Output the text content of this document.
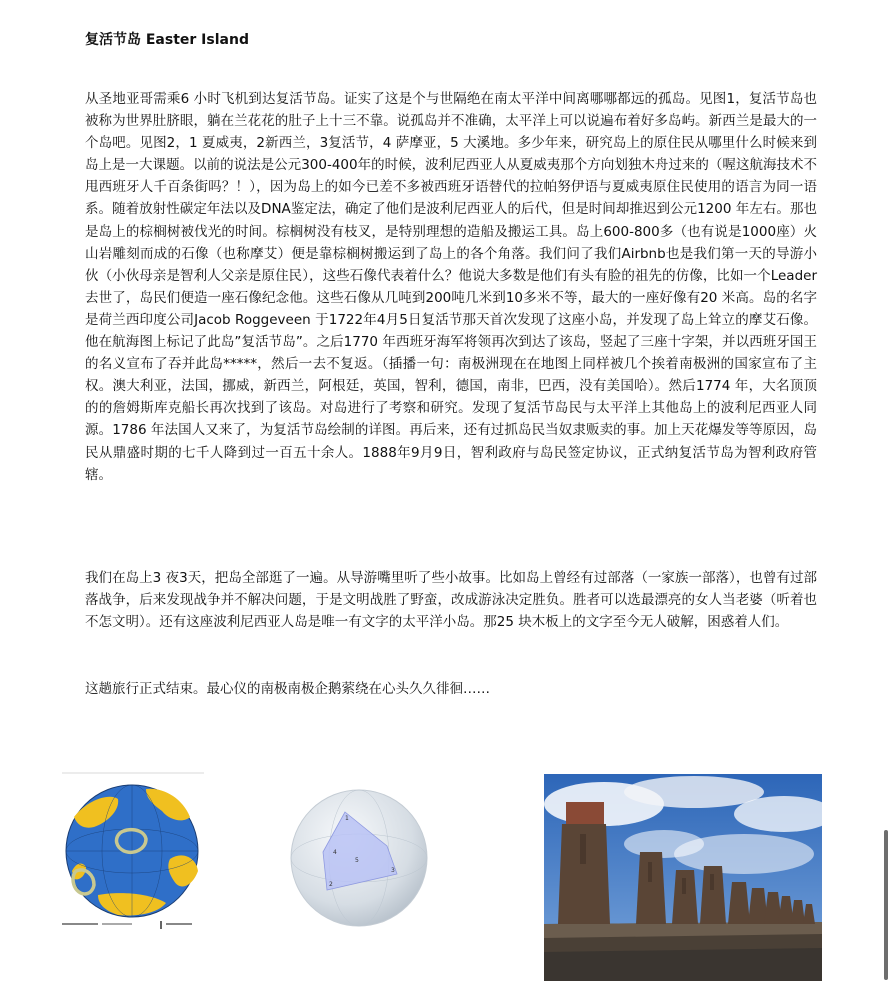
复活节岛 Easter Island

从圣地亚哥需乘6 小时飞机到达复活节岛。证实了这是个与世隔绝在南太平洋中间离哪哪都远的孤岛。见图1，复活节岛也被称为世界肚脐眼，躺在兰花花的肚子上十三不靠。说孤岛并不准确，太平洋上可以说遍布着好多岛屿。新西兰是最大的一个岛吧。见图2，1 夏威夷，2新西兰，3复活节，4 萨摩亚，5 大溪地。多少年来，研究岛上的原住民从哪里什么时候来到岛上是一大课题。以前的说法是公元300-400年的时候，波利尼西亚人从夏威夷那个方向划独木舟过来的（喔这航海技术不甩西班牙人千百条街吗？！），因为岛上的如今已差不多被西班牙语替代的拉帕努伊语与夏威夷原住民使用的语言为同一语系。随着放射性碳定年法以及DNA鉴定法，确定了他们是波利尼西亚人的后代，但是时间却推迟到公元1200 年左右。那也是岛上的棕榈树被伐光的时间。棕榈树没有枝叉，是特别理想的造船及搬运工具。岛上600-800多（也有说是1000座）火山岩雕刻而成的石像（也称摩艾）便是靠棕榈树搬运到了岛上的各个角落。我们问了我们Airbnb也是我们第一天的导游小伙（小伙母亲是智利人父亲是原住民），这些石像代表着什么？他说大多数是他们有头有脸的祖先的仿像，比如一个Leader 去世了，岛民们便造一座石像纪念他。这些石像从几吨到200吨几米到10多米不等，最大的一座好像有20 米高。岛的名字是荷兰西印度公司Jacob Roggeveen 于1722年4月5日复活节那天首次发现了这座小岛，并发现了岛上耸立的摩艾石像。他在航海图上标记了此岛”复活节岛”。之后1770 年西班牙海军将领再次到达了该岛，竖起了三座十字架，并以西班牙国王的名义宣布了吞并此岛*****，然后一去不复返。（插播一句：南极洲现在在地图上同样被几个挨着南极洲的国家宣布了主权。澳大利亚，法国，挪威，新西兰，阿根廷，英国，智利，德国，南非，巴西，没有美国哈）。然后1774 年，大名顶顶的的詹姆斯库克船长再次找到了该岛。对岛进行了考察和研究。发现了复活节岛民与太平洋上其他岛上的波利尼西亚人同源。1786 年法国人又来了，为复活节岛绘制的详图。再后来，还有过抓岛民当奴隶贩卖的事。加上天花爆发等等原因，岛民从鼎盛时期的七千人降到过一百五十余人。1888年9月9日，智利政府与岛民签定协议，正式纳复活节岛为智利政府管辖。

我们在岛上3 夜3天，把岛全部逛了一遍。从导游嘴里听了些小故事。比如岛上曾经有过部落（一家族一部落），也曾有过部落战争，后来发现战争并不解决问题，于是文明战胜了野蛮，改成游泳决定胜负。胜者可以选最漂亮的女人当老婆（听着也不怎文明）。还有这座波利尼西亚人岛是唯一有文字的太平洋小岛。那25 块木板上的文字至今无人破解，困惑着人们。

这趟旅行正式结束。最心仪的南极南极企鹅萦绕在心头久久徘徊……

1
2
3
4
5
